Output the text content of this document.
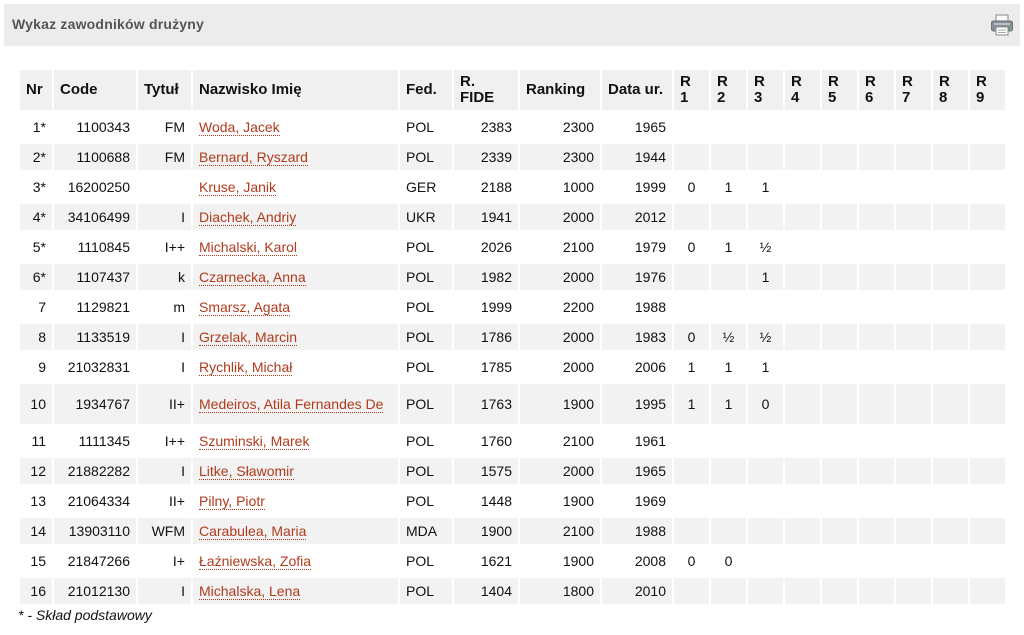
Wykaz zawodników drużyny
Nr	Code	Tytuł	Nazwisko Imię	Fed.	R. FIDE	Ranking	Data ur.	R 1	R 2	R 3	R 4	R 5	R 6	R 7	R 8	R 9
1*	1100343	FM	Woda, Jacek	POL	2383	2300	1965									
2*	1100688	FM	Bernard, Ryszard	POL	2339	2300	1944									
3*	16200250		Kruse, Janik	GER	2188	1000	1999	0	1	1						
4*	34106499	I	Diachek, Andriy	UKR	1941	2000	2012									
5*	1110845	I++	Michalski, Karol	POL	2026	2100	1979	0	1	½						
6*	1107437	k	Czarnecka, Anna	POL	1982	2000	1976			1						
7	1129821	m	Smarsz, Agata	POL	1999	2200	1988									
8	1133519	I	Grzelak, Marcin	POL	1786	2000	1983	0	½	½						
9	21032831	I	Rychlik, Michał	POL	1785	2000	2006	1	1	1						
10	1934767	II+	Medeiros, Atila Fernandes De	POL	1763	1900	1995	1	1	0						
11	1111345	I++	Szuminski, Marek	POL	1760	2100	1961									
12	21882282	I	Litke, Sławomir	POL	1575	2000	1965									
13	21064334	II+	Pilny, Piotr	POL	1448	1900	1969									
14	13903110	WFM	Carabulea, Maria	MDA	1900	2100	1988									
15	21847266	I+	Łaźniewska, Zofia	POL	1621	1900	2008	0	0							
16	21012130	I	Michalska, Lena	POL	1404	1800	2010									
* - Skład podstawowy
